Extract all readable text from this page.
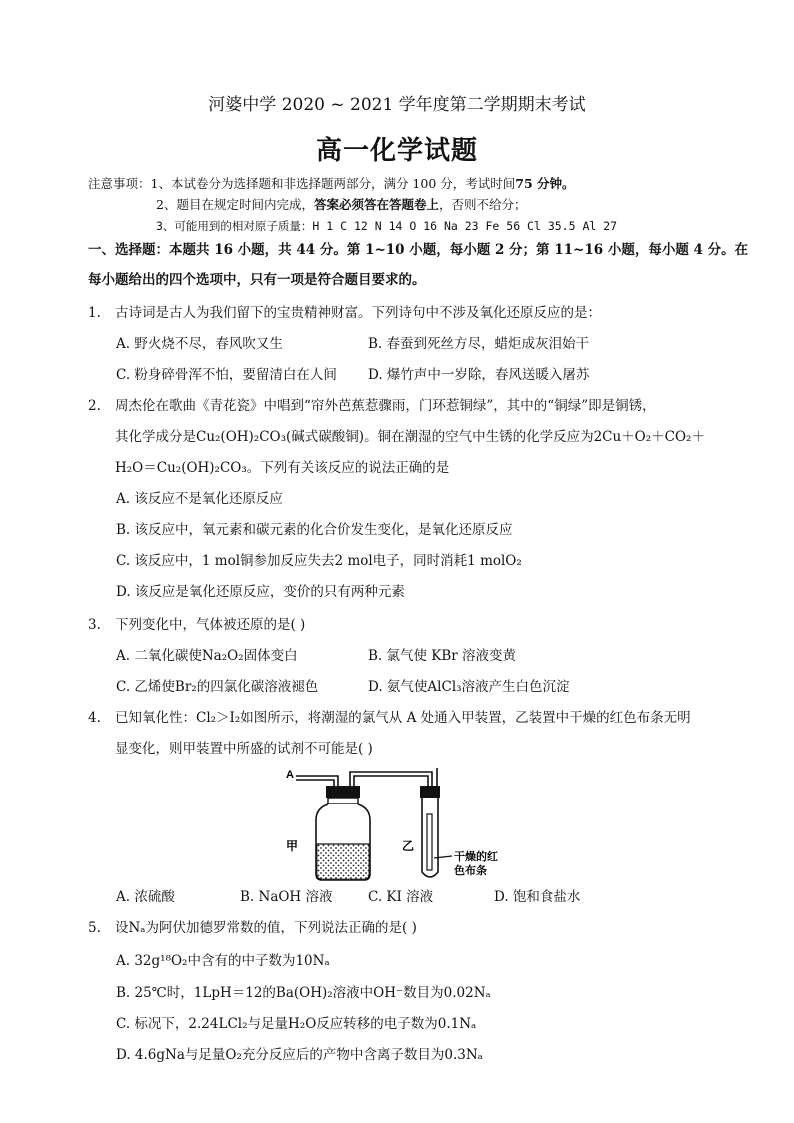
河婆中学 2020 ~ 2021 学年度第二学期期末考试
高一化学试题
注意事项：1、本试卷分为选择题和非选择题两部分，满分 100 分，考试时间75 分钟。
2、题目在规定时间内完成，答案必须答在答题卷上，否则不给分；
3、可能用到的相对原子质量：H 1 C 12 N 14 O 16 Na 23 Fe 56 Cl 35.5 Al 27
一、选择题：本题共 16 小题，共 44 分。第 1~10 小题，每小题 2 分；第 11~16 小题，每小题 4 分。在
每小题给出的四个选项中，只有一项是符合题目要求的。
1. 古诗词是古人为我们留下的宝贵精神财富。下列诗句中不涉及氧化还原反应的是：
A. 野火烧不尽，春风吹又生	B. 春蚕到死丝方尽，蜡炬成灰泪始干
C. 粉身碎骨浑不怕，要留清白在人间 D. 爆竹声中一岁除，春风送暖入屠苏
2. 周杰伦在歌曲《青花瓷》中唱到“帘外芭蕉惹骤雨，门环惹铜绿”，其中的“铜绿”即是铜锈，
其化学成分是Cu₂(OH)₂CO₃(碱式碳酸铜)。铜在潮湿的空气中生锈的化学反应为2Cu＋O₂＋CO₂＋
H₂O＝Cu₂(OH)₂CO₃。下列有关该反应的说法正确的是
A. 该反应不是氧化还原反应
B. 该反应中，氧元素和碳元素的化合价发生变化，是氧化还原反应
C. 该反应中，1 mol铜参加反应失去2 mol电子，同时消耗1 molO₂
D. 该反应是氧化还原反应，变价的只有两种元素
3. 下列变化中，气体被还原的是( )
A. 二氧化碳使Na₂O₂固体变白	B. 氯气使 KBr 溶液变黄
C. 乙烯使Br₂的四氯化碳溶液褪色	D. 氨气使AlCl₃溶液产生白色沉淀
4. 已知氧化性：Cl₂＞I₂如图所示，将潮湿的氯气从 A 处通入甲装置，乙装置中干燥的红色布条无明
显变化，则甲装置中所盛的试剂不可能是( )
A
甲	乙
干燥的红
色布条
A. 浓硫酸	B. NaOH 溶液	C. KI 溶液	D. 饱和食盐水
5. 设Nₐ为阿伏加德罗常数的值，下列说法正确的是( )
A. 32g¹⁸O₂中含有的中子数为10Nₐ
B. 25℃时，1LpH＝12的Ba(OH)₂溶液中OH⁻数目为0.02Nₐ
C. 标况下，2.24LCl₂与足量H₂O反应转移的电子数为0.1Nₐ
D. 4.6gNa与足量O₂充分反应后的产物中含离子数目为0.3Nₐ
